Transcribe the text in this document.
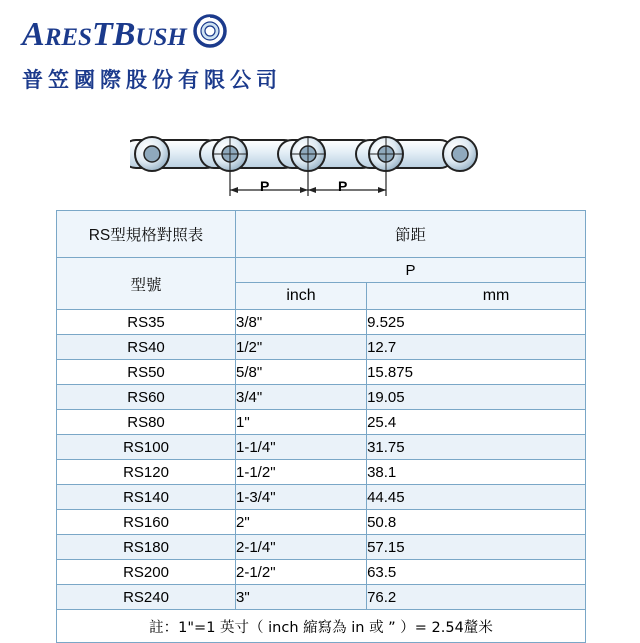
ARESTBUSH
普笠國際股份有限公司
P	P
RS型規格對照表	節距	
型號	P	
	inch	mm
RS35	3/8"	9.525
RS40	1/2"	12.7
RS50	5/8"	15.875
RS60	3/4"	19.05
RS80	1"	25.4
RS100	1-1/4"	31.75
RS120	1-1/2"	38.1
RS140	1-3/4"	44.45
RS160	2"	50.8
RS180	2-1/4"	57.15
RS200	2-1/2"	63.5
RS240	3"	76.2
註：1"=1 英寸（ inch 縮寫為 in 或 ” ）= 2.54釐米		
